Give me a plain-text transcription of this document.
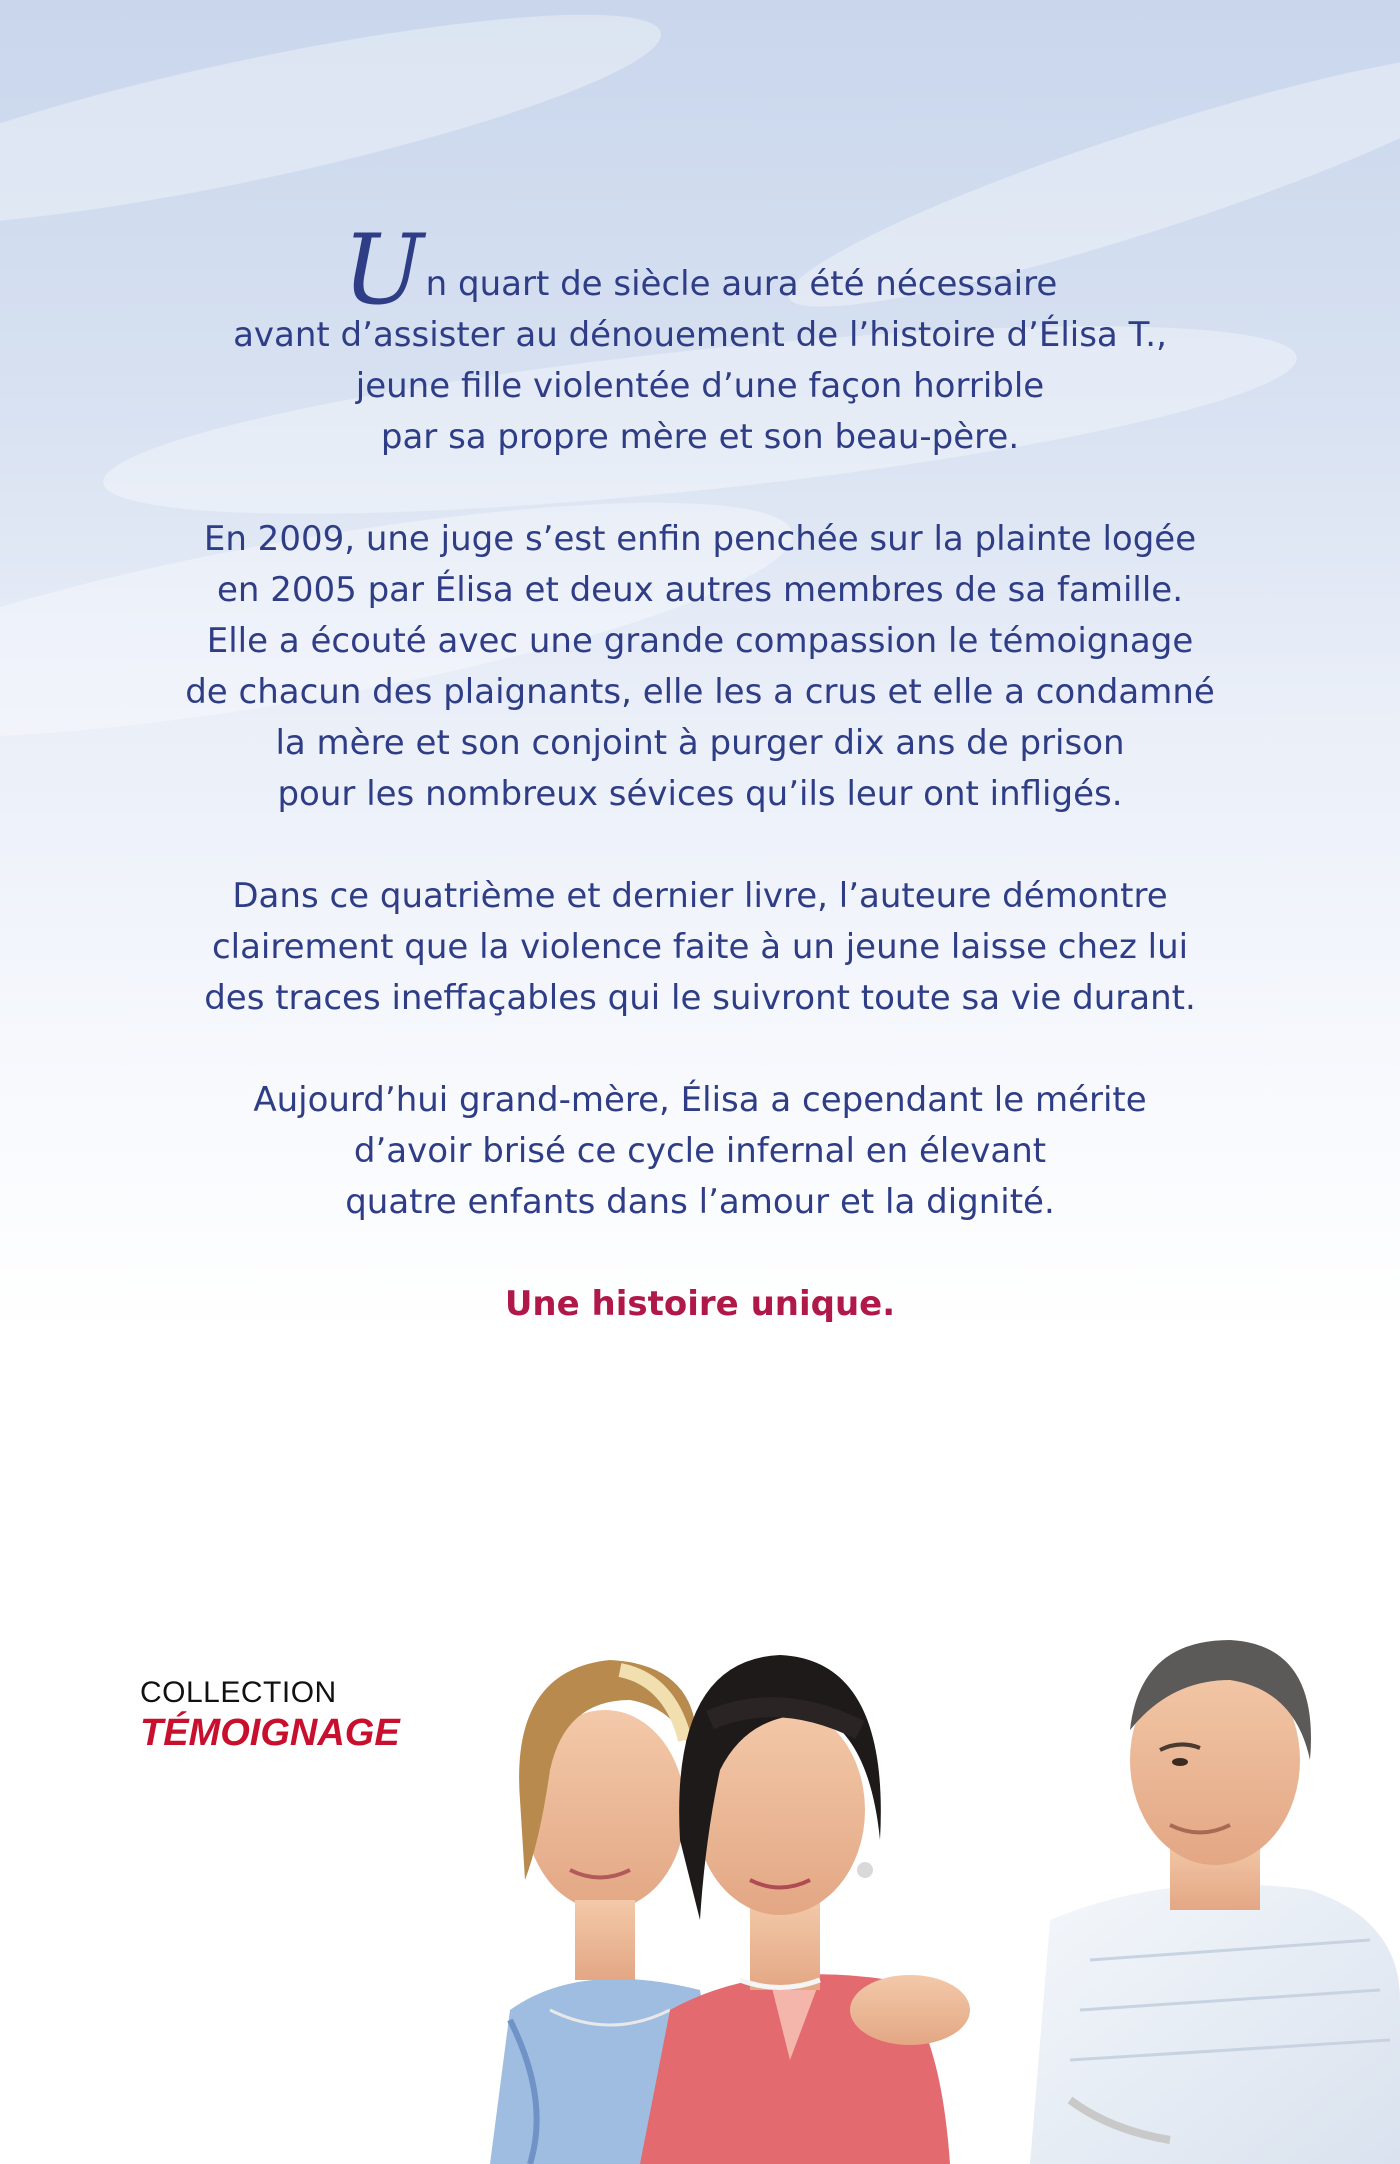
Un quart de siècle aura été nécessaire
avant d’assister au dénouement de l’histoire d’Élisa T.,
jeune fille violentée d’une façon horrible
par sa propre mère et son beau-père.

En 2009, une juge s’est enfin penchée sur la plainte logée
en 2005 par Élisa et deux autres membres de sa famille.
Elle a écouté avec une grande compassion le témoignage
de chacun des plaignants, elle les a crus et elle a condamné
la mère et son conjoint à purger dix ans de prison
pour les nombreux sévices qu’ils leur ont infligés.

Dans ce quatrième et dernier livre, l’auteure démontre
clairement que la violence faite à un jeune laisse chez lui
des traces ineffaçables qui le suivront toute sa vie durant.

Aujourd’hui grand-mère, Élisa a cependant le mérite
d’avoir brisé ce cycle infernal en élevant
quatre enfants dans l’amour et la dignité.

Une histoire unique.

COLLECTION
TÉMOIGNAGE
